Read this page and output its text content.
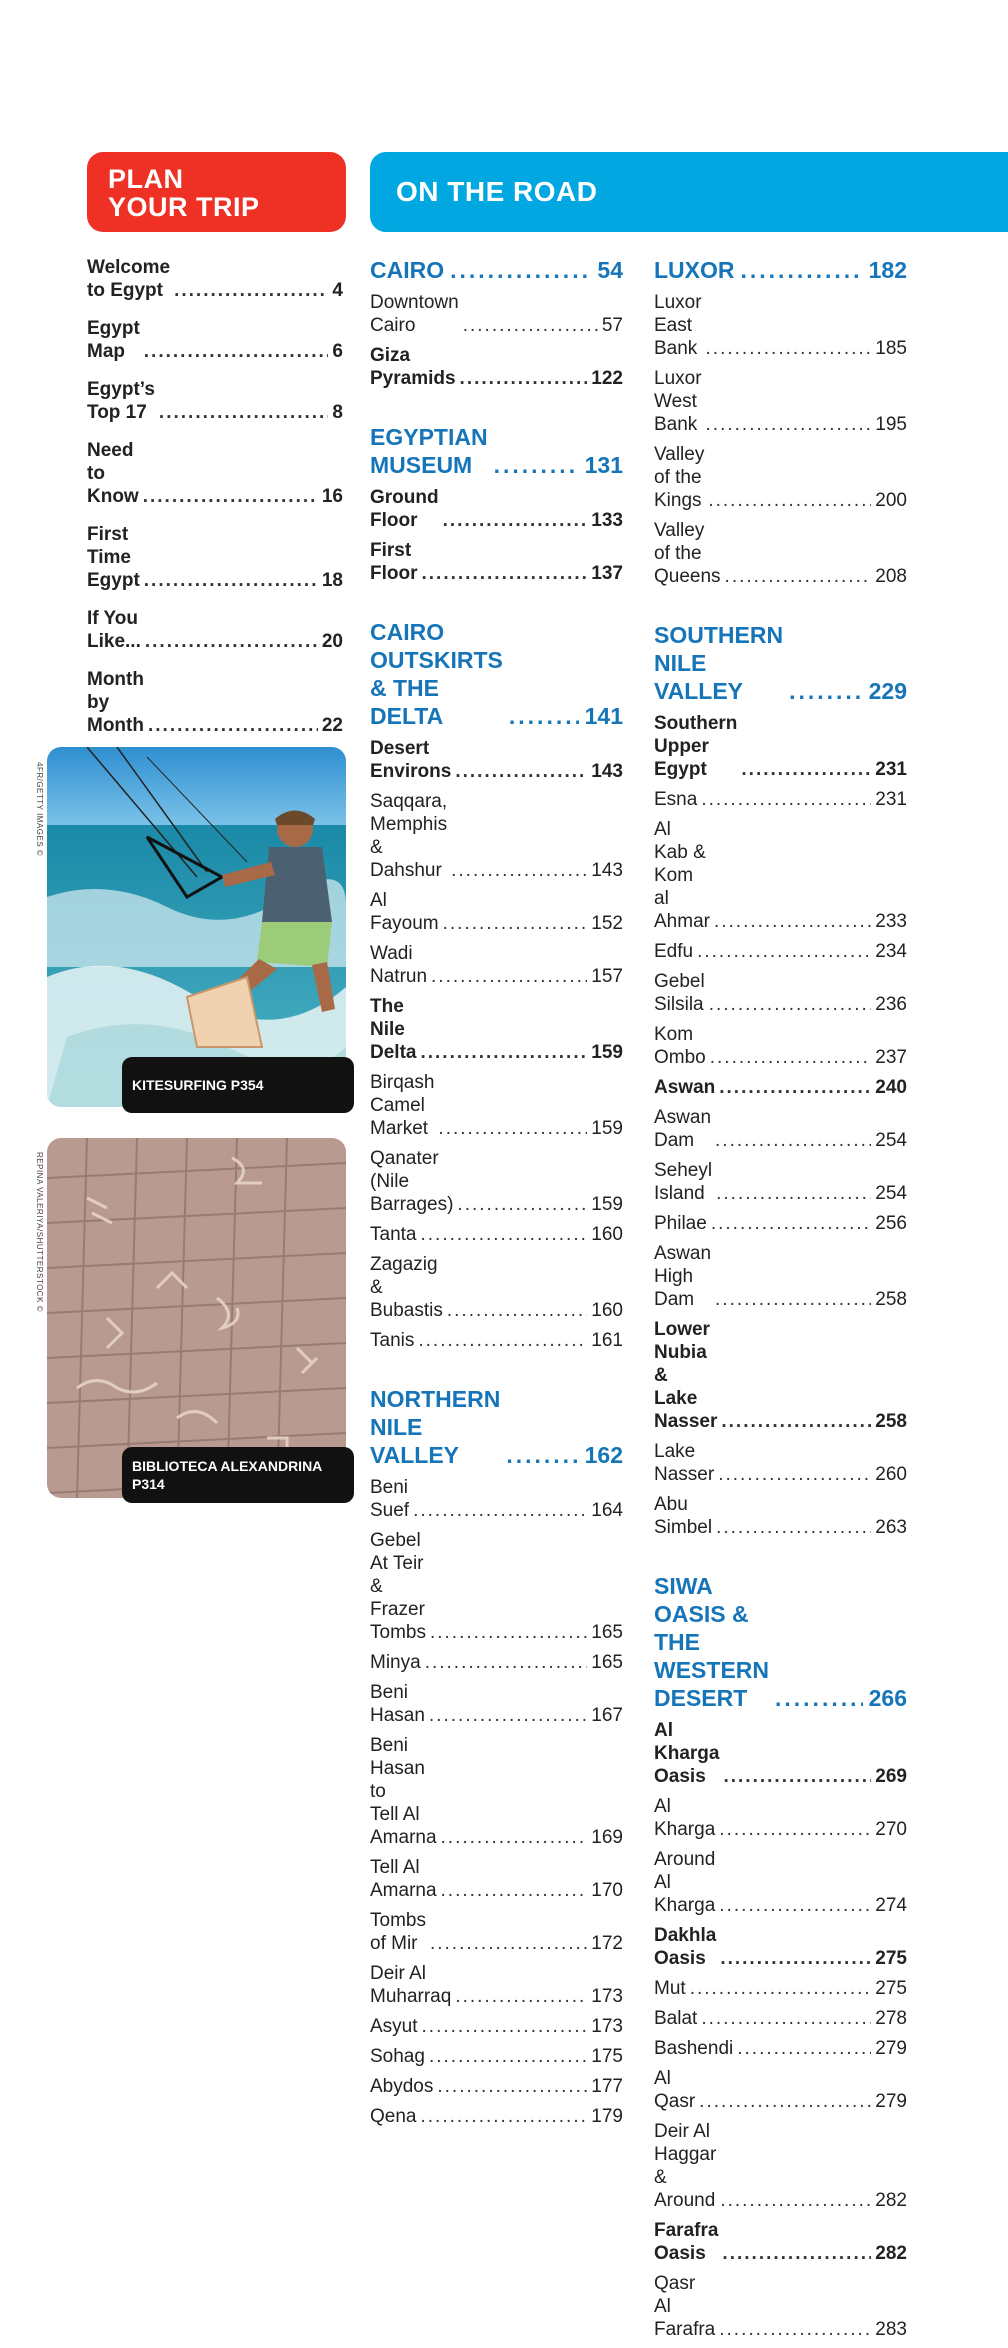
PLAN
YOUR TRIP	ON THE ROAD
Welcome to Egypt .....	4
Egypt Map .....	6
Egypt’s Top 17 .....	8
Need to Know .....	16
First Time Egypt .....	18
If You Like... .....	20
Month by Month .....	22
.....
.....
.....
.....
.....
KITESURFING P354
4FR/GETTY IMAGES ©
BIBLIOTECA ALEXANDRINA
P314
REPINA VALERIYA/SHUTTERSTOCK ©
CAIRO .....	54
Downtown Cairo .....	57
Giza Pyramids .....	122
EGYPTIAN
MUSEUM .....	131
Ground Floor .....	133
First Floor .....	137
CAIRO OUTSKIRTS
& THE DELTA .....	141
Desert Environs .....	143
Saqqara, Memphis &
Dahshur .....	143
Al Fayoum .....	152
Wadi Natrun .....	157
The Nile Delta .....	159
Birqash Camel Market .....	159
Qanater
(Nile Barrages) .....	159
Tanta .....	160
Zagazig & Bubastis .....	160
Tanis .....	161
NORTHERN NILE
VALLEY .....	162
Beni Suef .....	164
Gebel At Teir &
Frazer Tombs .....	165
Minya .....	165
Beni Hasan .....	167
Beni Hasan to
Tell Al Amarna .....	169
Tell Al Amarna .....	170
Tombs of Mir .....	172
Deir Al Muharraq .....	173
Asyut .....	173
Sohag .....	175
Abydos .....	177
Qena .....	179
LUXOR .....	182
Luxor East Bank .....	185
Luxor West Bank .....	195
Valley of the Kings .....	200
Valley of the Queens .....	208
SOUTHERN NILE
VALLEY .....	229
Southern Upper
Egypt .....	231
Esna .....	231
Al Kab &
Kom al Ahmar .....	233
Edfu .....	234
Gebel Silsila .....	236
Kom Ombo .....	237
Aswan .....	240
Aswan Dam .....	254
Seheyl Island .....	254
Philae .....	256
Aswan High Dam .....	258
Lower Nubia &
Lake Nasser .....	258
Lake Nasser .....	260
Abu Simbel .....	263
SIWA OASIS &
THE WESTERN
DESERT .....	266
Al Kharga Oasis .....	269
Al Kharga .....	270
Around Al Kharga .....	274
Dakhla Oasis .....	275
Mut .....	275
Balat .....	278
Bashendi .....	279
Al Qasr .....	279
Deir Al Haggar
& Around .....	282
Farafra Oasis .....	282
Qasr Al Farafra .....	283
